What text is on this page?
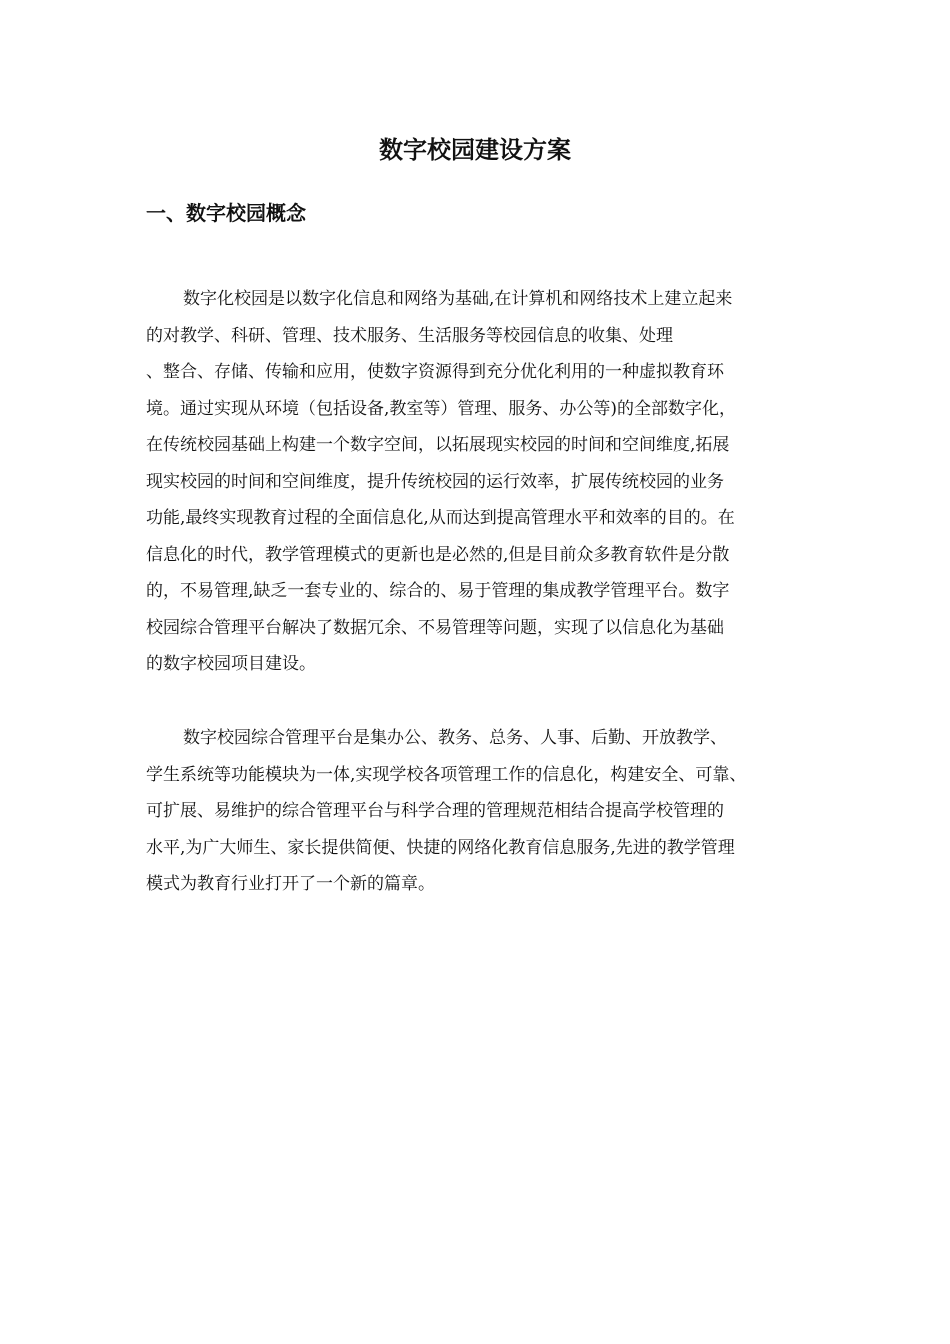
数字校园建设方案
一、数字校园概念
数字化校园是以数字化信息和网络为基础,在计算机和网络技术上建立起来
的对教学、科研、管理、技术服务、生活服务等校园信息的收集、处理
、整合、存储、传输和应用，使数字资源得到充分优化利用的一种虚拟教育环
境。通过实现从环境（包括设备,教室等）管理、服务、办公等)的全部数字化，
在传统校园基础上构建一个数字空间，以拓展现实校园的时间和空间维度,拓展
现实校园的时间和空间维度，提升传统校园的运行效率，扩展传统校园的业务
功能,最终实现教育过程的全面信息化,从而达到提高管理水平和效率的目的。在
信息化的时代，教学管理模式的更新也是必然的,但是目前众多教育软件是分散
的，不易管理,缺乏一套专业的、综合的、易于管理的集成教学管理平台。数字
校园综合管理平台解决了数据冗余、不易管理等问题，实现了以信息化为基础
的数字校园项目建设。
数字校园综合管理平台是集办公、教务、总务、人事、后勤、开放教学、
学生系统等功能模块为一体,实现学校各项管理工作的信息化，构建安全、可靠、
可扩展、易维护的综合管理平台与科学合理的管理规范相结合提高学校管理的
水平,为广大师生、家长提供简便、快捷的网络化教育信息服务,先进的教学管理
模式为教育行业打开了一个新的篇章。
